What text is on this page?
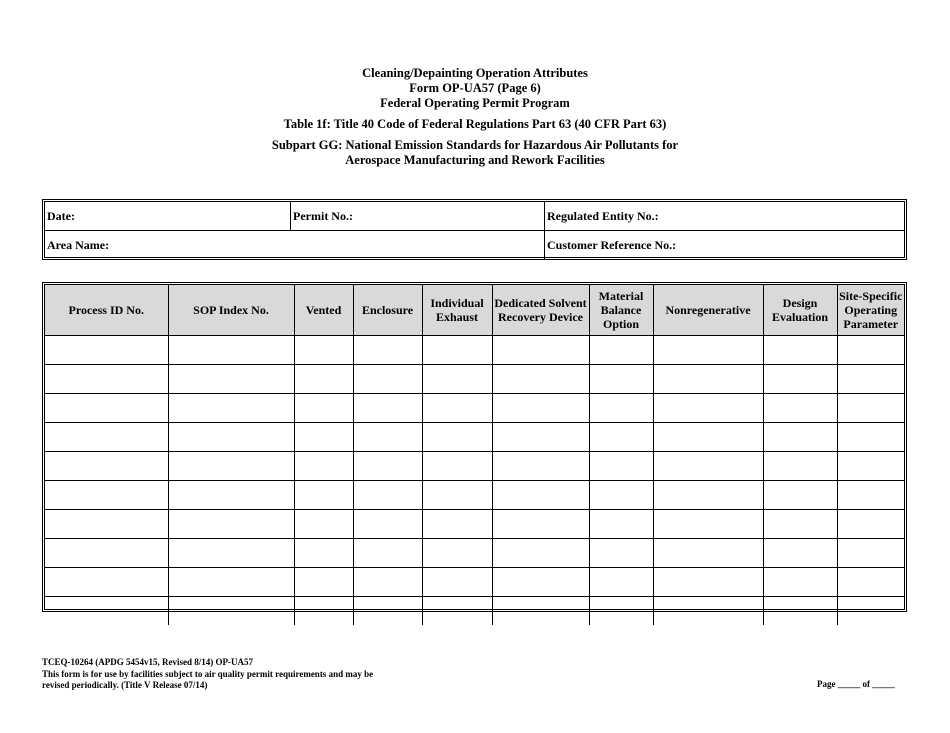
Cleaning/Depainting Operation Attributes
Form OP-UA57 (Page 6)
Federal Operating Permit Program
Table 1f: Title 40 Code of Federal Regulations Part 63 (40 CFR Part 63)
Subpart GG: National Emission Standards for Hazardous Air Pollutants for
Aerospace Manufacturing and Rework Facilities
Date:	Permit No.:	Regulated Entity No.:
Area Name:	Customer Reference No.:
Process ID No.	SOP Index No.	Vented	Enclosure	Individual Exhaust	Dedicated Solvent Recovery Device	Material Balance Option	Nonregenerative	Design Evaluation	Site-Specific Operating Parameter

TCEQ-10264 (APDG 5454v15, Revised 8/14) OP-UA57
This form is for use by facilities subject to air quality permit requirements and may be
revised periodically. (Title V Release 07/14)	Page _____ of _____
